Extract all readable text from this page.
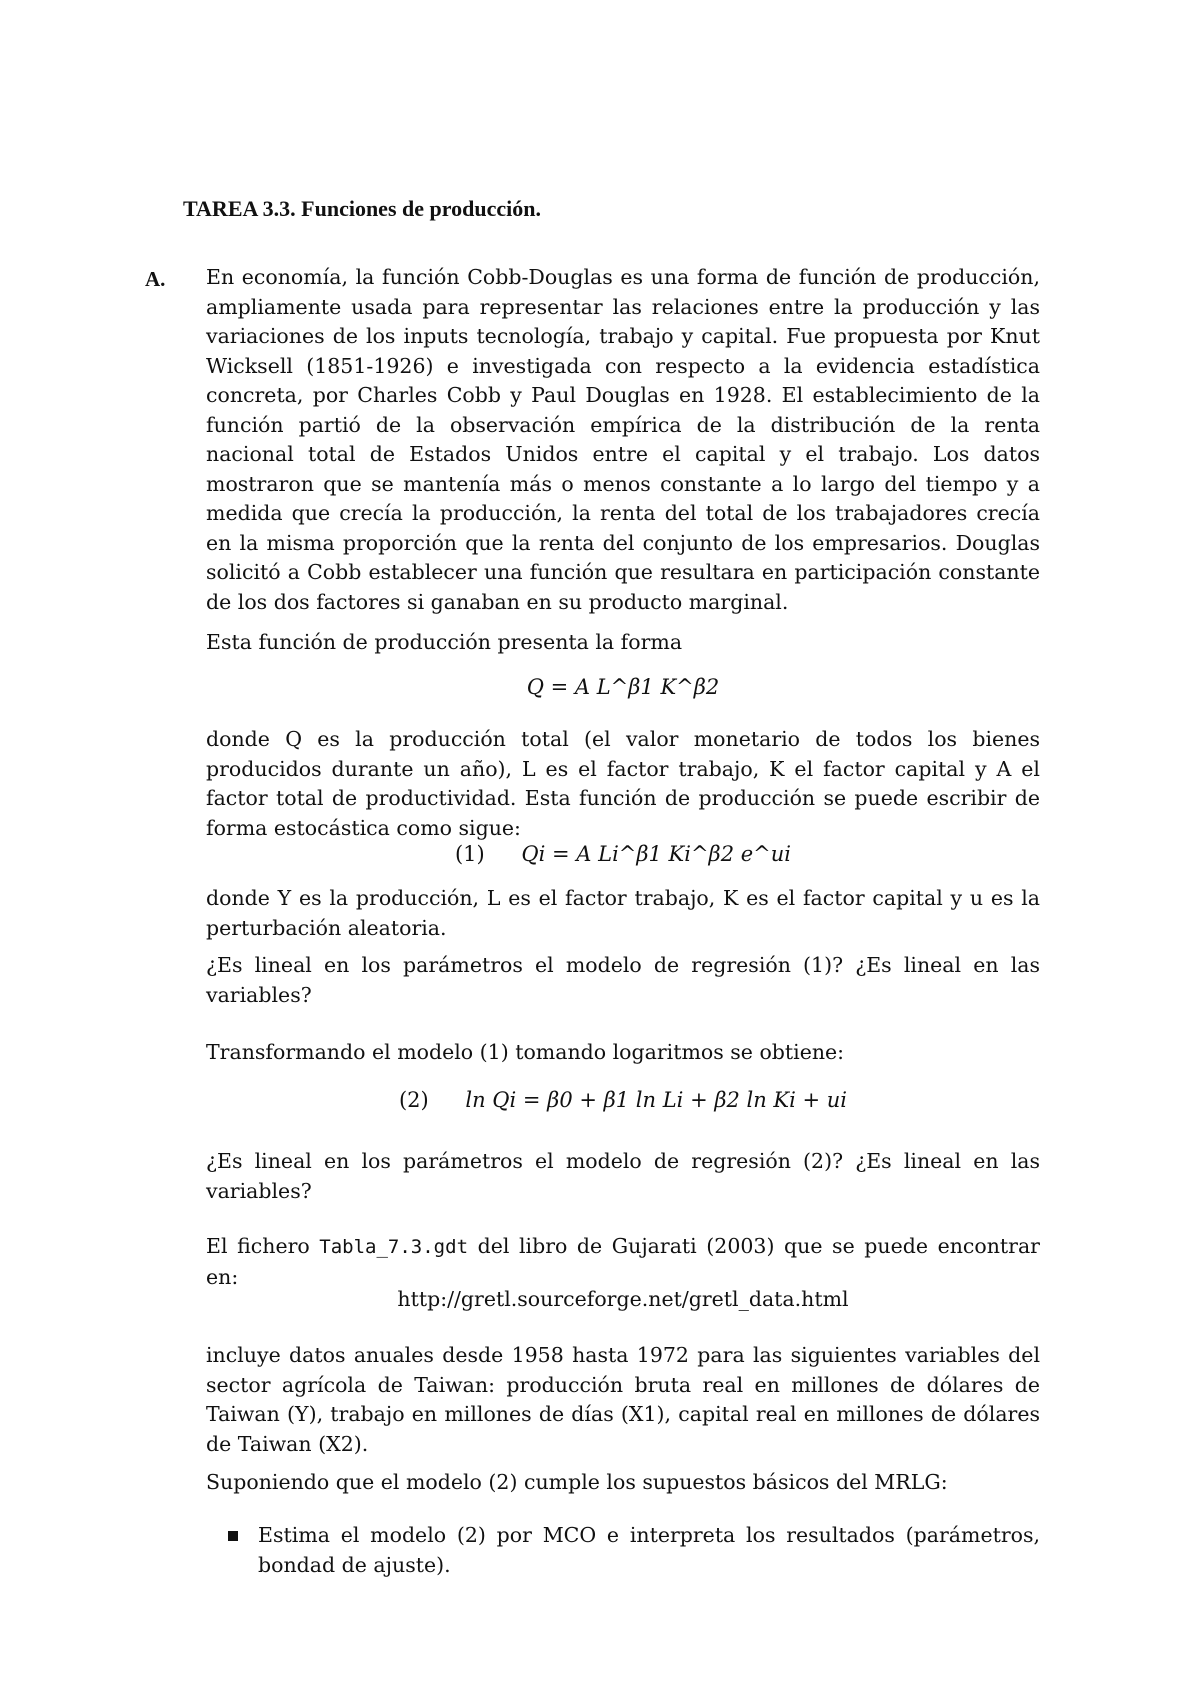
TAREA 3.3. Funciones de producción.
A. En economía, la función Cobb-Douglas es una forma de función de producción, ampliamente usada para representar las relaciones entre la producción y las variaciones de los inputs tecnología, trabajo y capital. Fue propuesta por Knut Wicksell (1851-1926) e investigada con respecto a la evidencia estadística concreta, por Charles Cobb y Paul Douglas en 1928. El establecimiento de la función partió de la observación empírica de la distribución de la renta nacional total de Estados Unidos entre el capital y el trabajo. Los datos mostraron que se mantenía más o menos constante a lo largo del tiempo y a medida que crecía la producción, la renta del total de los trabajadores crecía en la misma proporción que la renta del conjunto de los empresarios. Douglas solicitó a Cobb establecer una función que resultara en participación constante de los dos factores si ganaban en su producto marginal.
Esta función de producción presenta la forma
Q = A L^β1 K^β2
donde Q es la producción total (el valor monetario de todos los bienes producidos durante un año), L es el factor trabajo, K el factor capital y A el factor total de productividad. Esta función de producción se puede escribir de forma estocástica como sigue:
(1) Qi = A Li^β1 Ki^β2 e^ui
donde Y es la producción, L es el factor trabajo, K es el factor capital y u es la perturbación aleatoria.
¿Es lineal en los parámetros el modelo de regresión (1)? ¿Es lineal en las variables?
Transformando el modelo (1) tomando logaritmos se obtiene:
(2) ln Qi = β0 + β1 ln Li + β2 ln Ki + ui
¿Es lineal en los parámetros el modelo de regresión (2)? ¿Es lineal en las variables?
El fichero Tabla_7.3.gdt del libro de Gujarati (2003) que se puede encontrar en:
http://gretl.sourceforge.net/gretl_data.html
incluye datos anuales desde 1958 hasta 1972 para las siguientes variables del sector agrícola de Taiwan: producción bruta real en millones de dólares de Taiwan (Y), trabajo en millones de días (X1), capital real en millones de dólares de Taiwan (X2).
Suponiendo que el modelo (2) cumple los supuestos básicos del MRLG:
Estima el modelo (2) por MCO e interpreta los resultados (parámetros, bondad de ajuste).
